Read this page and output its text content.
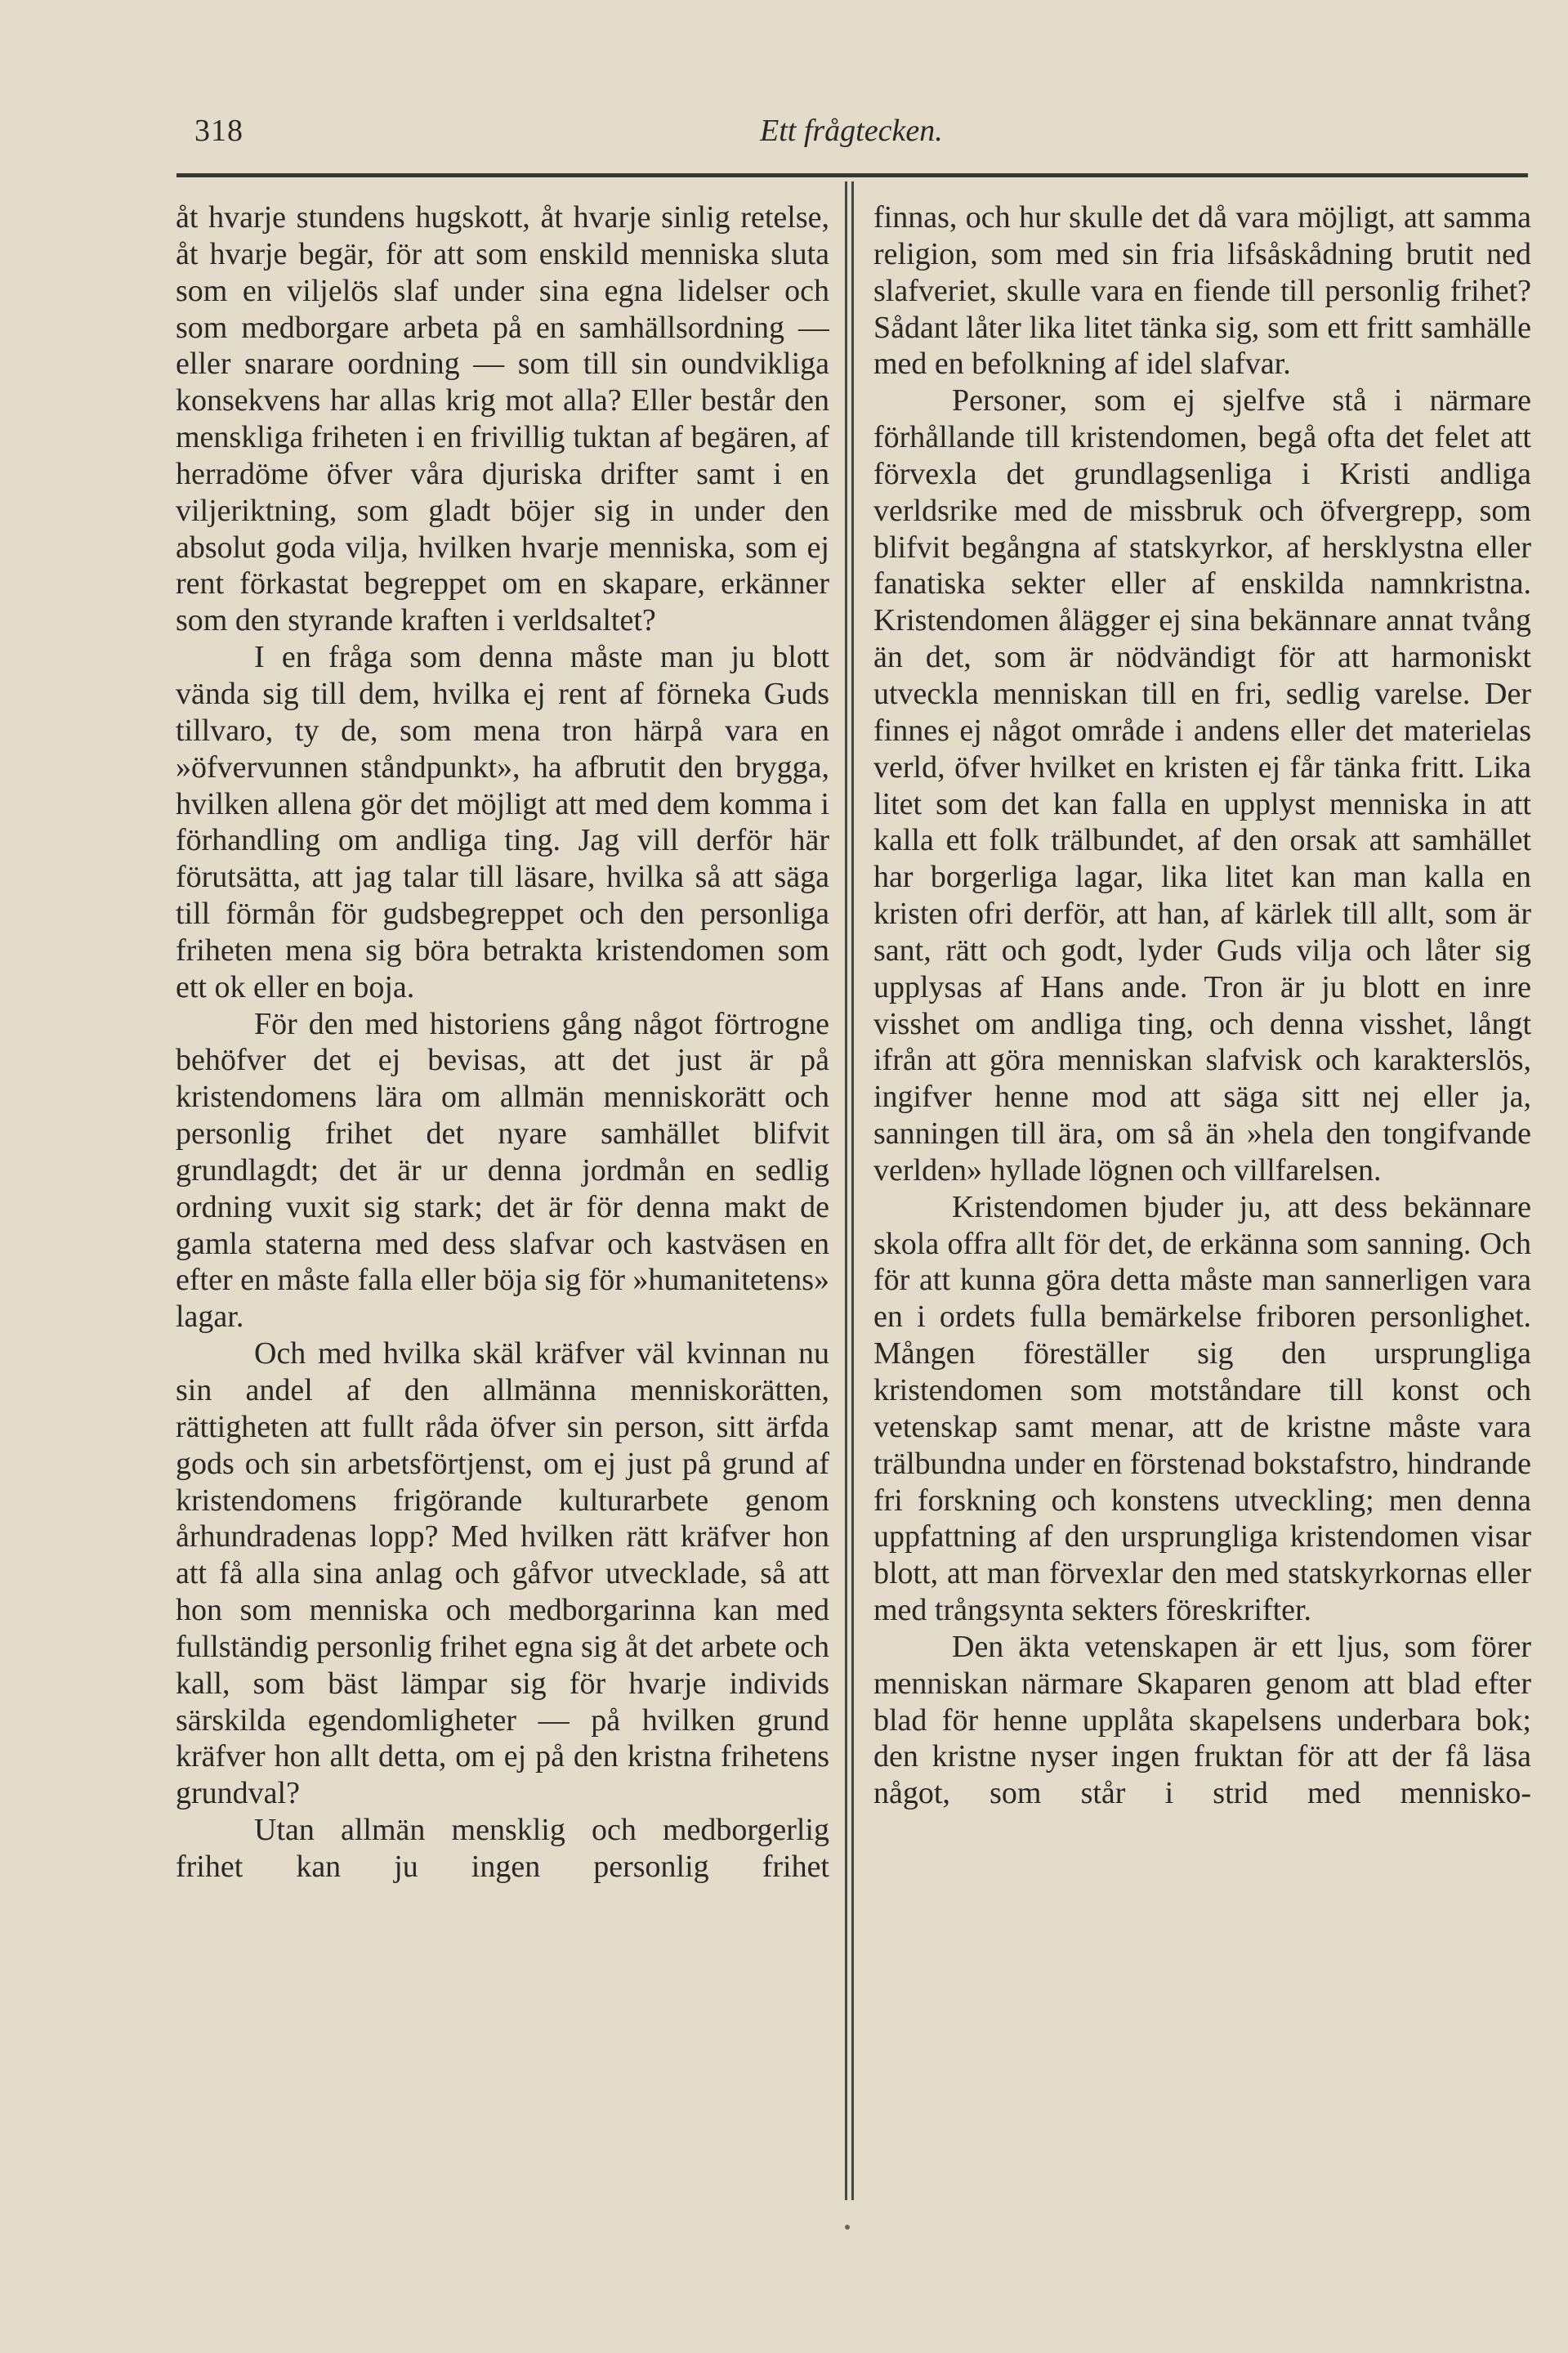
318	Ett frågtecken.

åt hvarje stundens hugskott, åt hvarje sinlig retelse, åt hvarje begär, för att som enskild menniska sluta som en viljelös slaf under sina egna lidelser och som medborgare arbeta på en samhällsordning — eller snarare oordning — som till sin oundvikliga konsekvens har allas krig mot alla? Eller består den menskliga friheten i en frivillig tuktan af begären, af herradöme öfver våra djuriska drifter samt i en viljeriktning, som gladt böjer sig in under den absolut goda vilja, hvilken hvarje menniska, som ej rent förkastat begreppet om en skapare, erkänner som den styrande kraften i verldsaltet?

I en fråga som denna måste man ju blott vända sig till dem, hvilka ej rent af förneka Guds tillvaro, ty de, som mena tron härpå vara en »öfvervunnen ståndpunkt», ha afbrutit den brygga, hvilken allena gör det möjligt att med dem komma i förhandling om andliga ting. Jag vill derför här förutsätta, att jag talar till läsare, hvilka så att säga till förmån för gudsbegreppet och den personliga friheten mena sig böra betrakta kristendomen som ett ok eller en boja.

För den med historiens gång något förtrogne behöfver det ej bevisas, att det just är på kristendomens lära om allmän menniskorätt och personlig frihet det nyare samhället blifvit grundlagdt; det är ur denna jordmån en sedlig ordning vuxit sig stark; det är för denna makt de gamla staterna med dess slafvar och kastväsen en efter en måste falla eller böja sig för »humanitetens» lagar.

Och med hvilka skäl kräfver väl kvinnan nu sin andel af den allmänna menniskorätten, rättigheten att fullt råda öfver sin person, sitt ärfda gods och sin arbetsförtjenst, om ej just på grund af kristendomens frigörande kulturarbete genom århundradenas lopp? Med hvilken rätt kräfver hon att få alla sina anlag och gåfvor utvecklade, så att hon som menniska och medborgarinna kan med fullständig personlig frihet egna sig åt det arbete och kall, som bäst lämpar sig för hvarje individs särskilda egendomligheter — på hvilken grund kräfver hon allt detta, om ej på den kristna frihetens grundval?

Utan allmän mensklig och medborgerlig frihet kan ju ingen personlig frihet

finnas, och hur skulle det då vara möjligt, att samma religion, som med sin fria lifsåskådning brutit ned slafveriet, skulle vara en fiende till personlig frihet? Sådant låter lika litet tänka sig, som ett fritt samhälle med en befolkning af idel slafvar.

Personer, som ej sjelfve stå i närmare förhållande till kristendomen, begå ofta det felet att förvexla det grundlagsenliga i Kristi andliga verldsrike med de missbruk och öfvergrepp, som blifvit begångna af statskyrkor, af hersklystna eller fanatiska sekter eller af enskilda namnkristna. Kristendomen ålägger ej sina bekännare annat tvång än det, som är nödvändigt för att harmoniskt utveckla menniskan till en fri, sedlig varelse. Der finnes ej något område i andens eller det materielas verld, öfver hvilket en kristen ej får tänka fritt. Lika litet som det kan falla en upplyst menniska in att kalla ett folk trälbundet, af den orsak att samhället har borgerliga lagar, lika litet kan man kalla en kristen ofri derför, att han, af kärlek till allt, som är sant, rätt och godt, lyder Guds vilja och låter sig upplysas af Hans ande. Tron är ju blott en inre visshet om andliga ting, och denna visshet, långt ifrån att göra menniskan slafvisk och karakterslös, ingifver henne mod att säga sitt nej eller ja, sanningen till ära, om så än »hela den tongifvande verlden» hyllade lögnen och villfarelsen.

Kristendomen bjuder ju, att dess bekännare skola offra allt för det, de erkänna som sanning. Och för att kunna göra detta måste man sannerligen vara en i ordets fulla bemärkelse friboren personlighet. Mången föreställer sig den ursprungliga kristendomen som motståndare till konst och vetenskap samt menar, att de kristne måste vara trälbundna under en förstenad bokstafstro, hindrande fri forskning och konstens utveckling; men denna uppfattning af den ursprungliga kristendomen visar blott, att man förvexlar den med statskyrkornas eller med trångsynta sekters föreskrifter.

Den äkta vetenskapen är ett ljus, som förer menniskan närmare Skaparen genom att blad efter blad för henne upplåta skapelsens underbara bok; den kristne nyser ingen fruktan för att der få läsa något, som står i strid med mennisko-
